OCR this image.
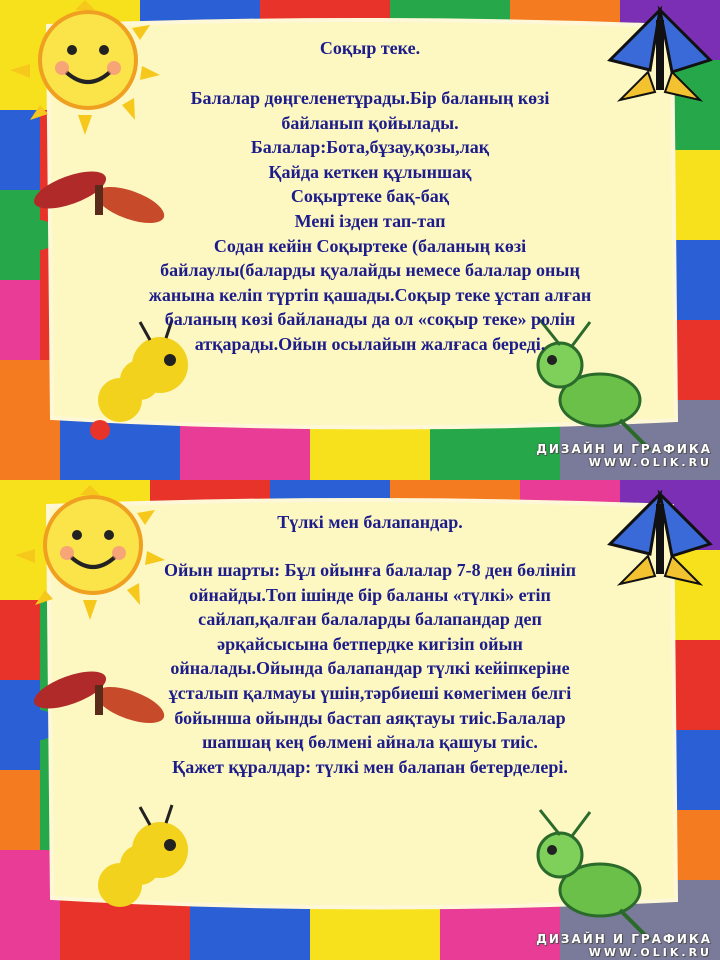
Соқыр теке.
Балалар дөңгеленетұрады.Бір баланың көзі
байланып қойылады.
Балалар:Бота,бұзау,қозы,лақ
Қайда кеткен құлыншақ
Соқыртеке бақ-бақ
Мені ізден тап-тап
Содан кейін Соқыртеке (баланың көзі
байлаулы(баларды қуалайды немесе балалар оның
жанына келіп түртіп қашады.Соқыр теке ұстап алған
баланың көзі байланады да ол «соқыр теке» ролін
атқарады.Ойын осылайын жалғаса береді.
ДИЗАЙН И ГРАФИКА
WWW.OLIK.RU
Түлкі мен балапандар.
Ойын шарты: Бұл ойынға балалар 7-8 ден бөлініп
ойнайды.Топ ішінде бір баланы «түлкі» етіп
сайлап,қалған балаларды балапандар деп
әрқайсысына бетпердке кигізіп ойын
ойналады.Ойында балапандар түлкі кейіпкеріне
ұсталып қалмауы үшін,тәрбиеші көмегімен белгі
бойынша ойынды бастап аяқтауы тиіс.Балалар
шапшаң кең бөлмені айнала қашуы тиіс.
Қажет құралдар: түлкі мен балапан бетерделері.
ДИЗАЙН И ГРАФИКА
WWW.OLIK.RU
